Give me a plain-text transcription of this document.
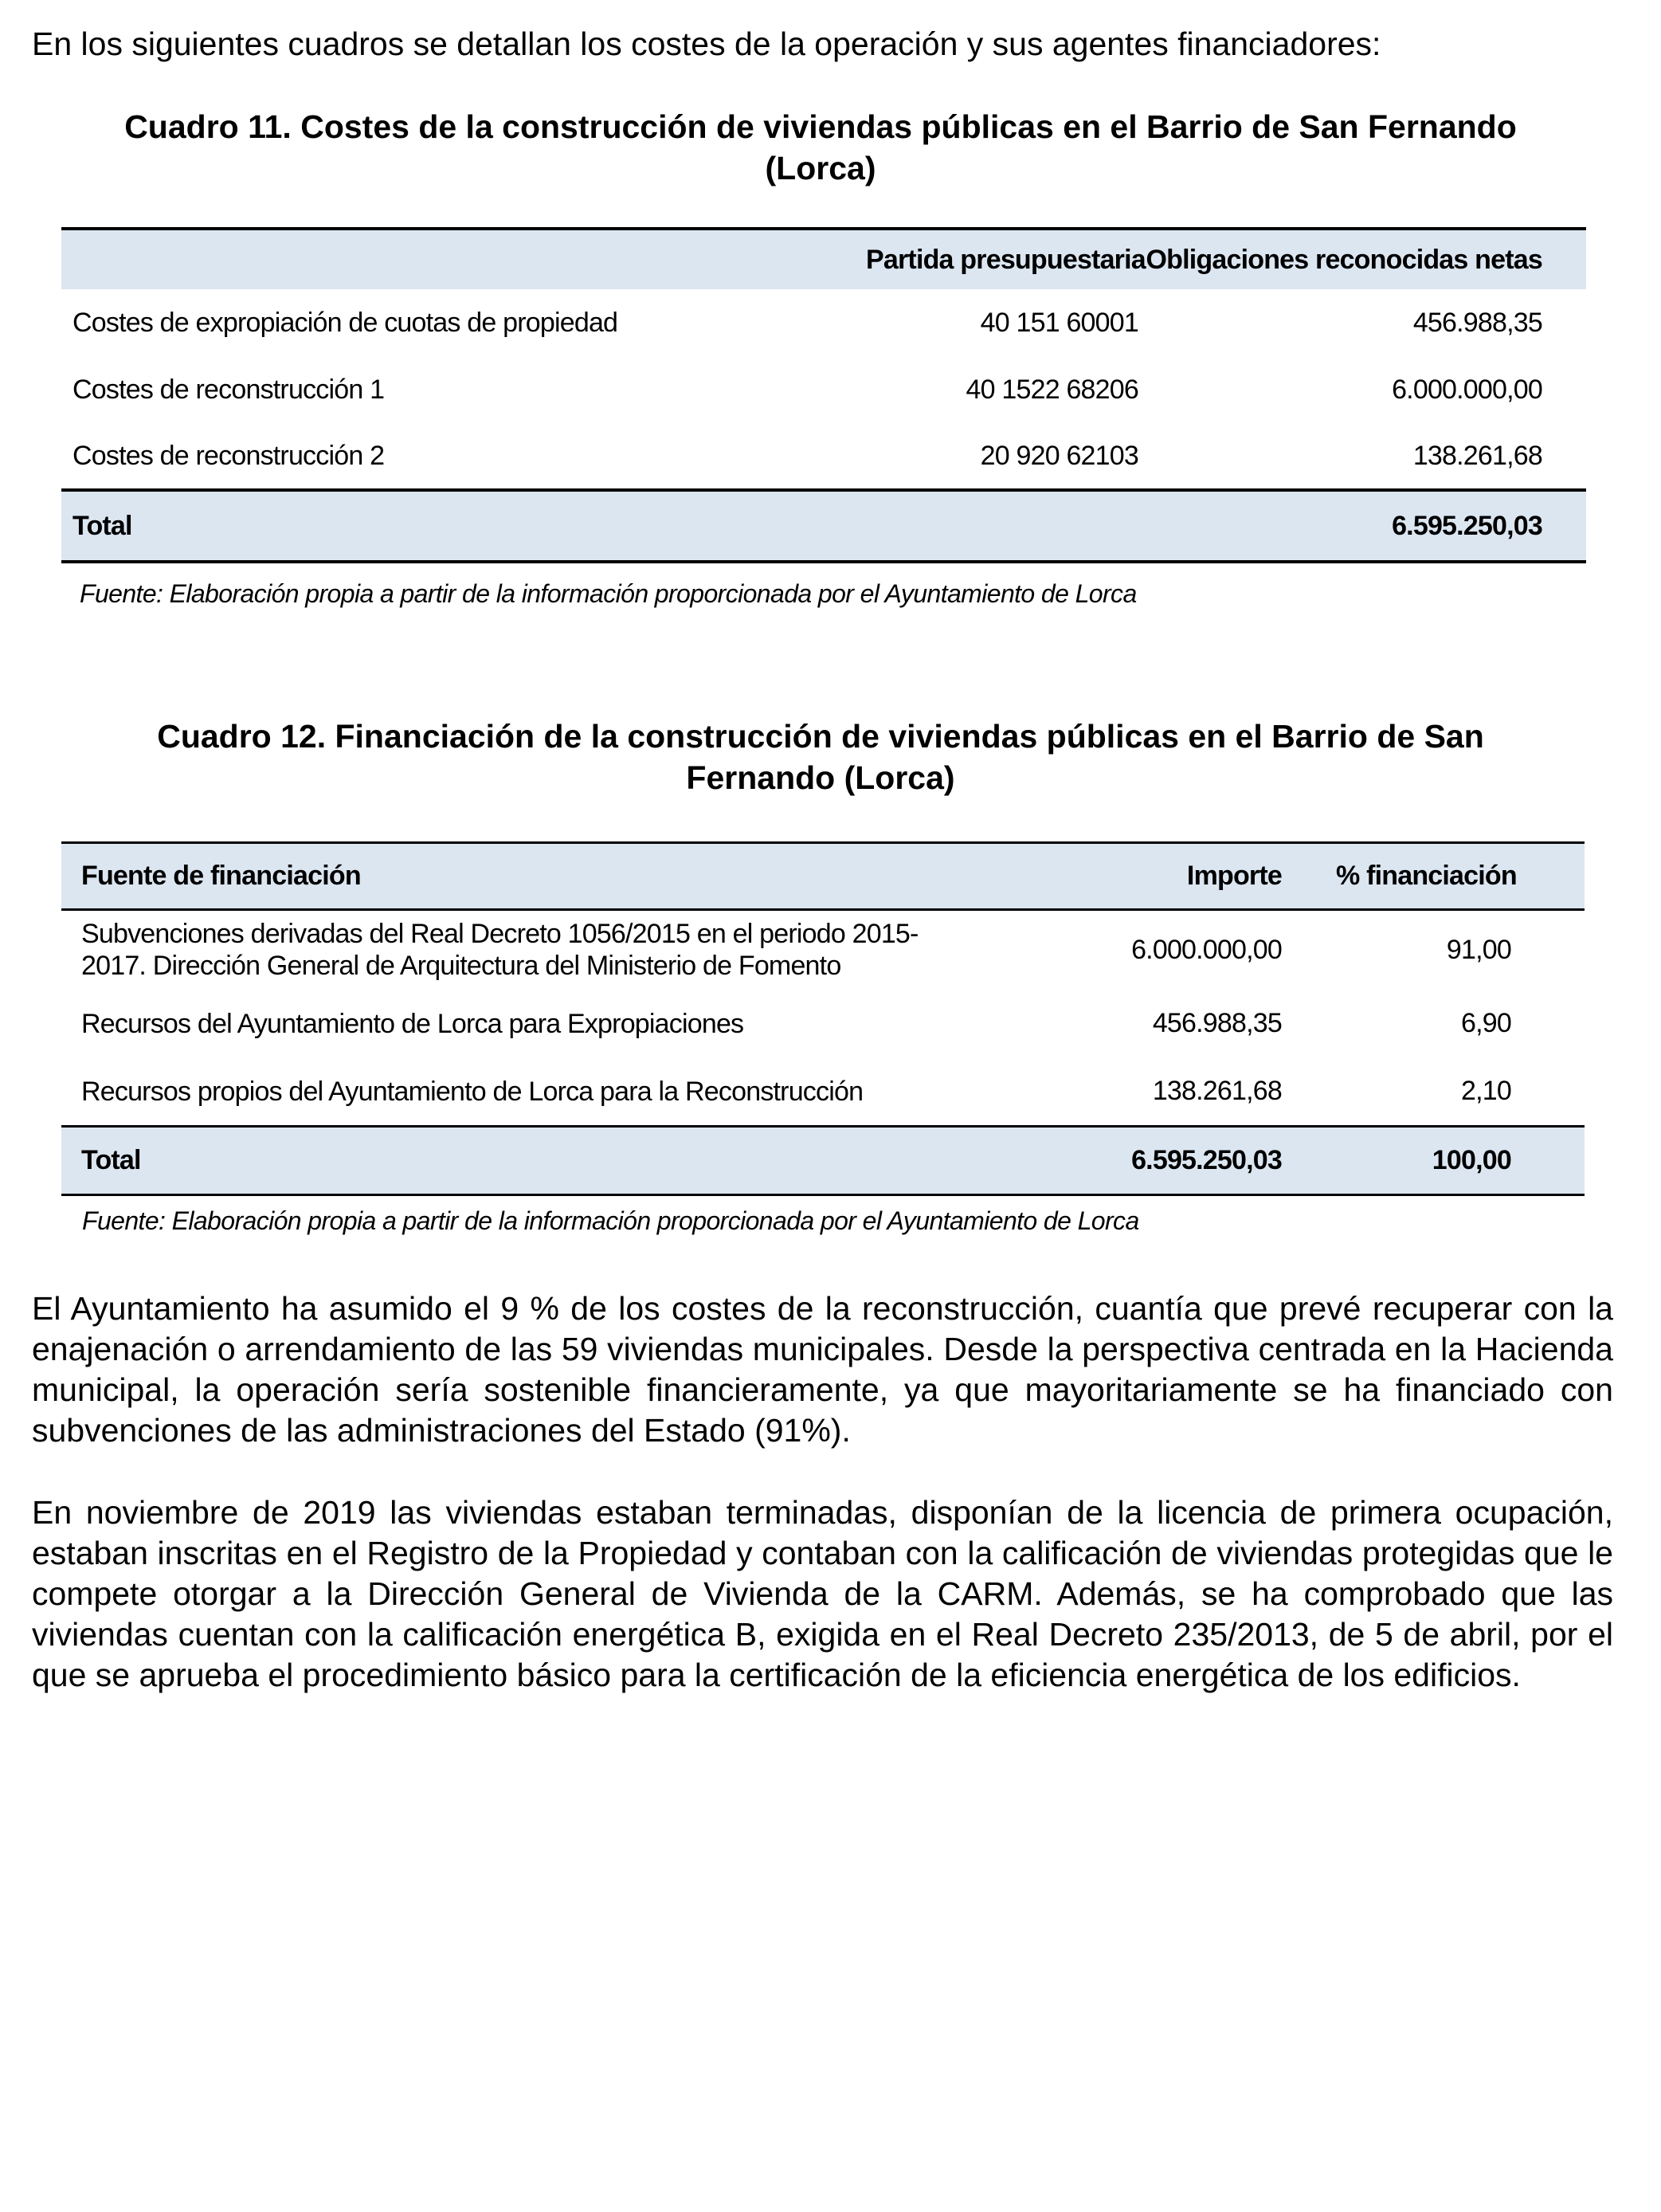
En los siguientes cuadros se detallan los costes de la operación y sus agentes financiadores:

Cuadro 11. Costes de la construcción de viviendas públicas en el Barrio de San Fernando
(Lorca)
	Partida presupuestaria	Obligaciones reconocidas netas
Costes de expropiación de cuotas de propiedad	40 151 60001	456.988,35
Costes de reconstrucción 1	40 1522 68206	6.000.000,00
Costes de reconstrucción 2	20 920 62103	138.261,68
Total		6.595.250,03

Fuente: Elaboración propia a partir de la información proporcionada por el Ayuntamiento de Lorca

Cuadro 12. Financiación de la construcción de viviendas públicas en el Barrio de San
Fernando (Lorca)
Fuente de financiación	Importe	% financiación
Subvenciones derivadas del Real Decreto 1056/2015 en el periodo 2015-
2017. Dirección General de Arquitectura del Ministerio de Fomento	6.000.000,00	91,00
Recursos del Ayuntamiento de Lorca para Expropiaciones	456.988,35	6,90
Recursos propios del Ayuntamiento de Lorca para la Reconstrucción	138.261,68	2,10
Total	6.595.250,03	100,00

Fuente: Elaboración propia a partir de la información proporcionada por el Ayuntamiento de Lorca

El Ayuntamiento ha asumido el 9 % de los costes de la reconstrucción, cuantía que prevé recuperar con la enajenación o arrendamiento de las 59 viviendas municipales. Desde la perspectiva centrada en la Hacienda municipal, la operación sería sostenible financieramente, ya que mayoritariamente se ha financiado con subvenciones de las administraciones del Estado (91%).

En noviembre de 2019 las viviendas estaban terminadas, disponían de la licencia de primera ocupación, estaban inscritas en el Registro de la Propiedad y contaban con la calificación de viviendas protegidas que le compete otorgar a la Dirección General de Vivienda de la CARM. Además, se ha comprobado que las viviendas cuentan con la calificación energética B, exigida en el Real Decreto 235/2013, de 5 de abril, por el que se aprueba el procedimiento básico para la certificación de la eficiencia energética de los edificios.
